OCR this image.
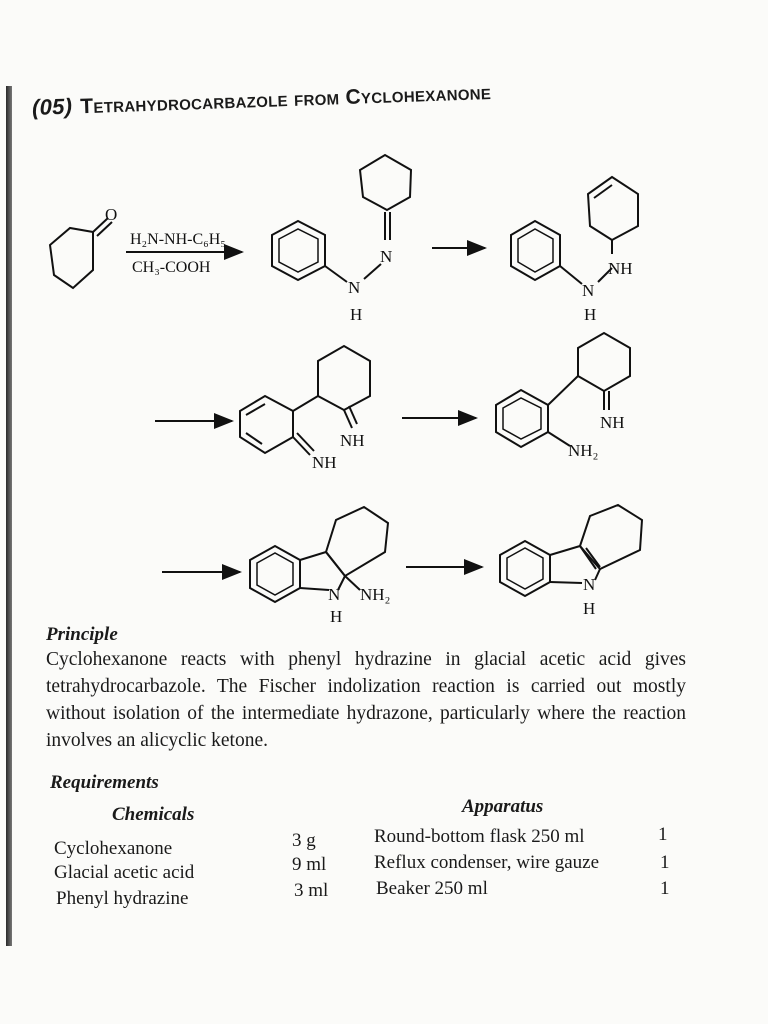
(05) Tetrahydrocarbazole from Cyclohexanone
H₂N-NH-C₆H₅
CH₃-COOH
O
N
N
H
NH
N
H
NH
NH
NH
NH₂
N NH₂
H
N
H
Principle
Cyclohexanone reacts with phenyl hydrazine in glacial acetic acid gives tetrahydrocarbazole. The Fischer indolization reaction is carried out mostly without isolation of the intermediate hydrazone, particularly where the reaction involves an alicyclic ketone.
Requirements
Chemicals	Apparatus
Cyclohexanone	3 g
Glacial acetic acid	9 ml
Phenyl hydrazine	3 ml
Round-bottom flask 250 ml	1
Reflux condenser, wire gauze	1
Beaker 250 ml	1
